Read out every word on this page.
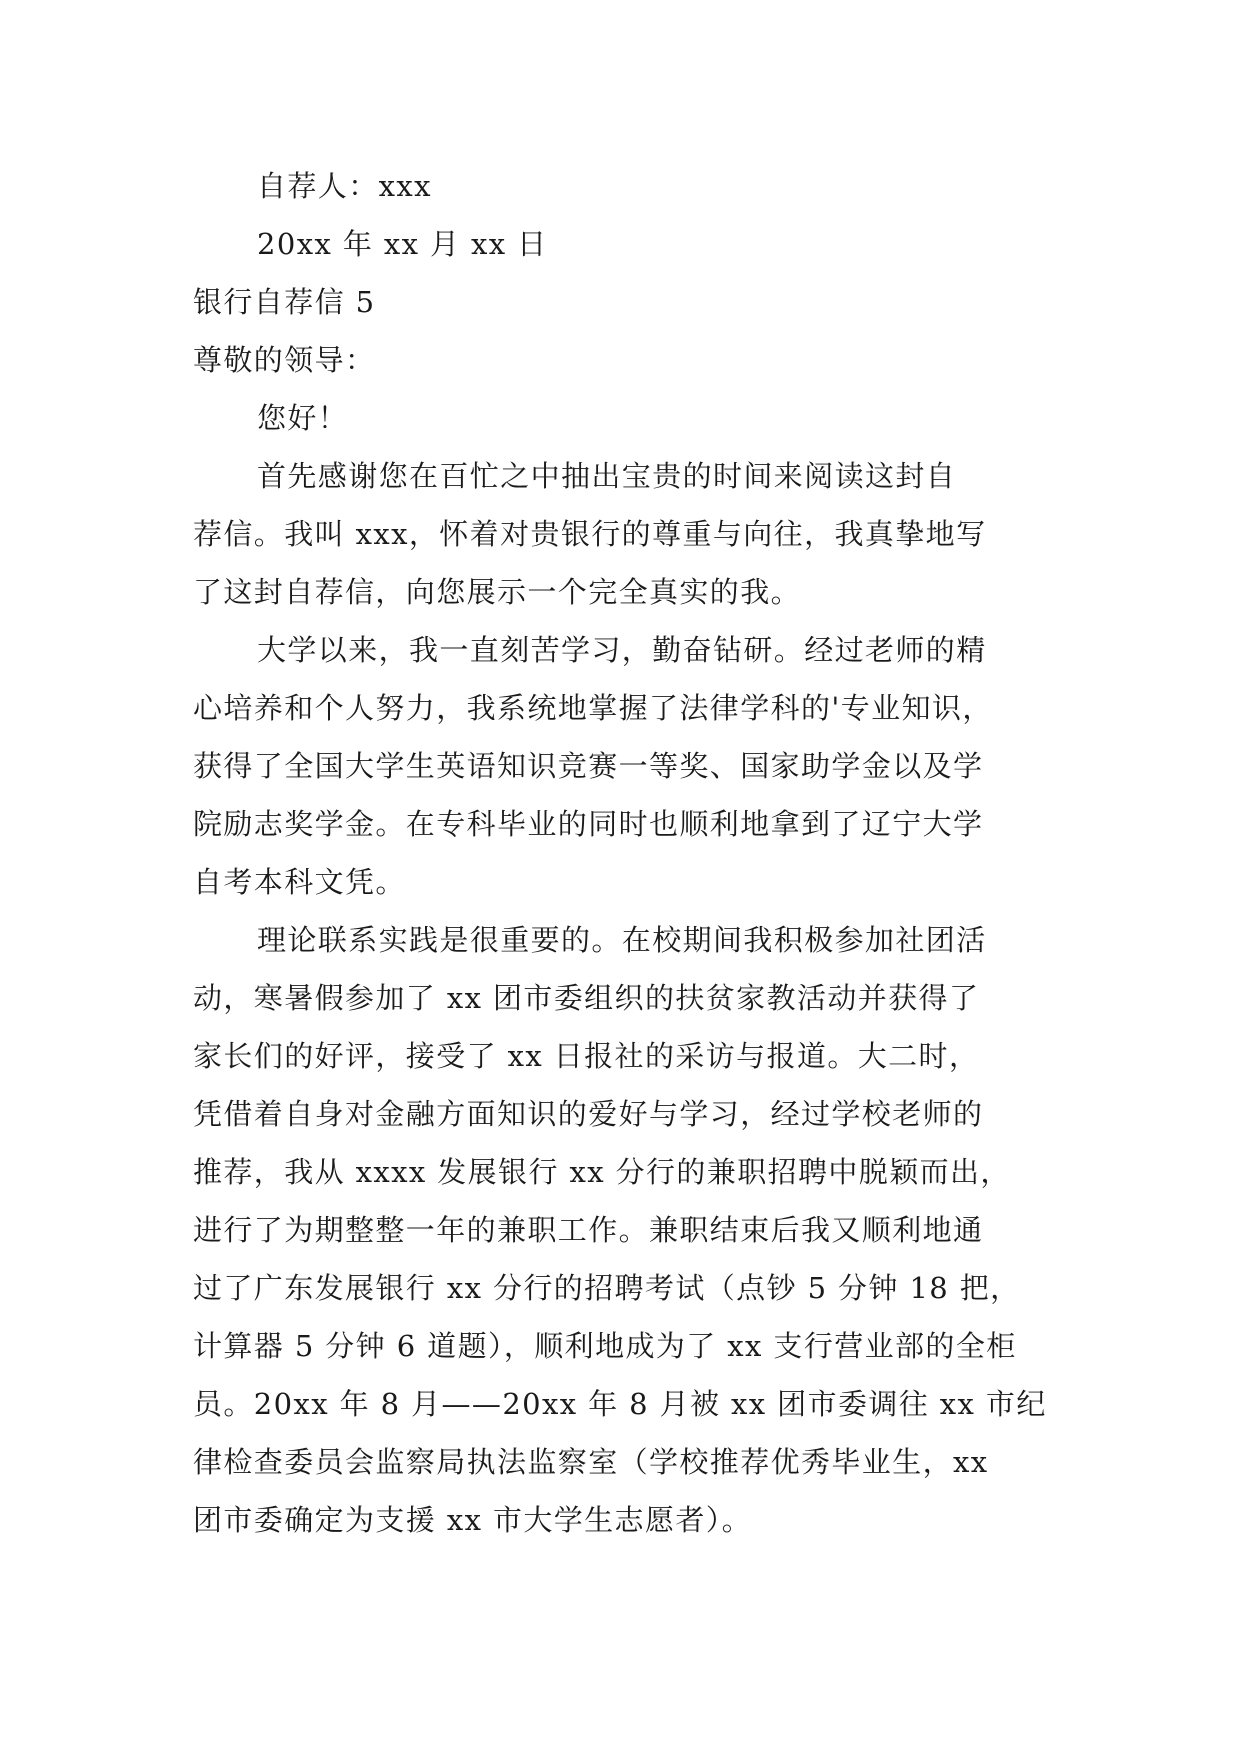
自荐人：xxx
20xx 年 xx 月 xx 日
银行自荐信 5
尊敬的领导：
您好！
首先感谢您在百忙之中抽出宝贵的时间来阅读这封自
荐信。我叫 xxx，怀着对贵银行的尊重与向往，我真挚地写
了这封自荐信，向您展示一个完全真实的我。
大学以来，我一直刻苦学习，勤奋钻研。经过老师的精
心培养和个人努力，我系统地掌握了法律学科的'专业知识，
获得了全国大学生英语知识竞赛一等奖、国家助学金以及学
院励志奖学金。在专科毕业的同时也顺利地拿到了辽宁大学
自考本科文凭。
理论联系实践是很重要的。在校期间我积极参加社团活
动，寒暑假参加了 xx 团市委组织的扶贫家教活动并获得了
家长们的好评，接受了 xx 日报社的采访与报道。大二时，
凭借着自身对金融方面知识的爱好与学习，经过学校老师的
推荐，我从 xxxx 发展银行 xx 分行的兼职招聘中脱颖而出，
进行了为期整整一年的兼职工作。兼职结束后我又顺利地通
过了广东发展银行 xx 分行的招聘考试（点钞 5 分钟 18 把，
计算器 5 分钟 6 道题），顺利地成为了 xx 支行营业部的全柜
员。20xx 年 8 月——20xx 年 8 月被 xx 团市委调往 xx 市纪
律检查委员会监察局执法监察室（学校推荐优秀毕业生，xx
团市委确定为支援 xx 市大学生志愿者）。
